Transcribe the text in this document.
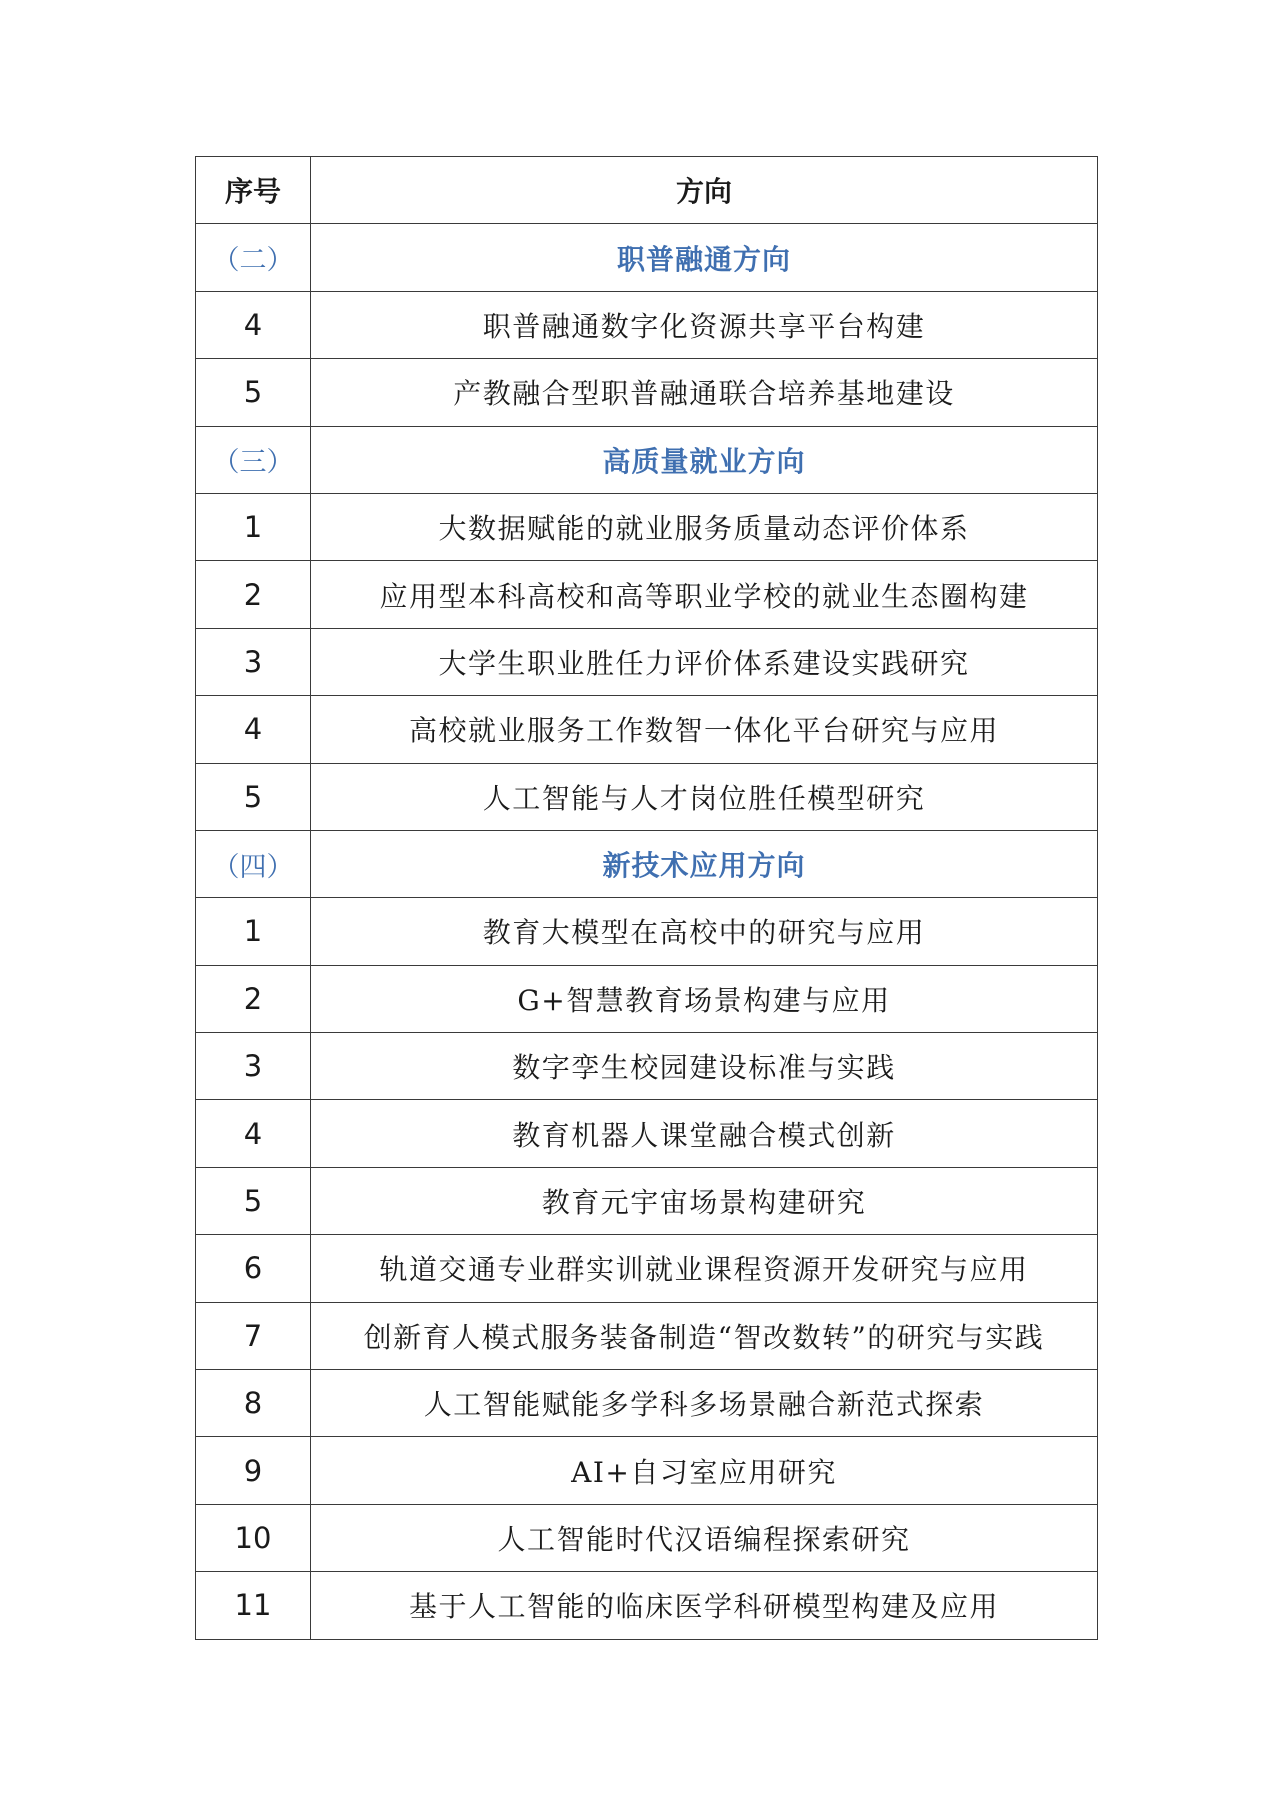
序号	方向
（二）	职普融通方向
4	职普融通数字化资源共享平台构建
5	产教融合型职普融通联合培养基地建设
（三）	高质量就业方向
1	大数据赋能的就业服务质量动态评价体系
2	应用型本科高校和高等职业学校的就业生态圈构建
3	大学生职业胜任力评价体系建设实践研究
4	高校就业服务工作数智一体化平台研究与应用
5	人工智能与人才岗位胜任模型研究
（四）	新技术应用方向
1	教育大模型在高校中的研究与应用
2	G+智慧教育场景构建与应用
3	数字孪生校园建设标准与实践
4	教育机器人课堂融合模式创新
5	教育元宇宙场景构建研究
6	轨道交通专业群实训就业课程资源开发研究与应用
7	创新育人模式服务装备制造“智改数转”的研究与实践
8	人工智能赋能多学科多场景融合新范式探索
9	AI+自习室应用研究
10	人工智能时代汉语编程探索研究
11	基于人工智能的临床医学科研模型构建及应用
